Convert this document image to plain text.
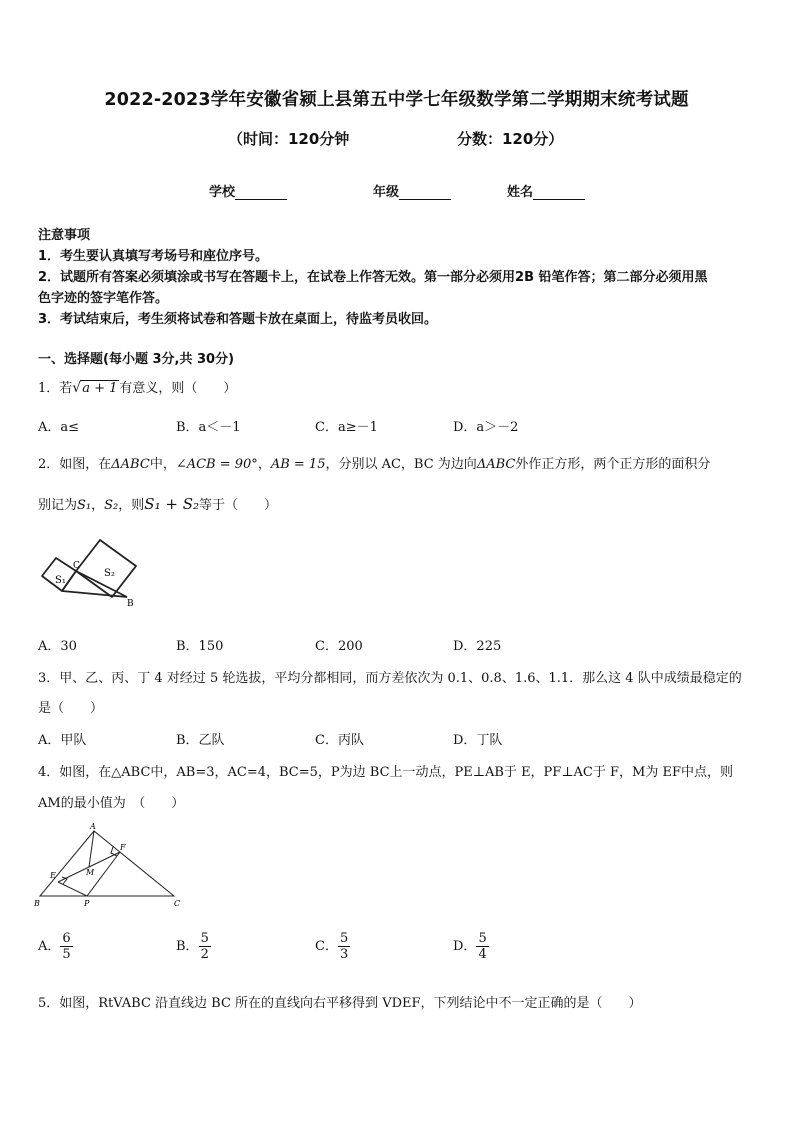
2022-2023学年安徽省颍上县第五中学七年级数学第二学期期末统考试题
（时间：120分钟	分数：120分）
学校	年级	姓名
注意事项
1．考生要认真填写考场号和座位序号。
2．试题所有答案必须填涂或书写在答题卡上，在试卷上作答无效。第一部分必须用2B 铅笔作答；第二部分必须用黑
色字迹的签字笔作答。
3．考试结束后，考生须将试卷和答题卡放在桌面上，待监考员收回。
一、选择题(每小题 3分,共 30分)
1．若√a + 1 有意义，则（　　）
A．a≤	B．a＜－1	C．a≥－1	D．a＞－2
2．如图，在ΔABC中，∠ACB = 90°，AB = 15，分别以 AC，BC 为边向ΔABC外作正方形，两个正方形的面积分
别记为S₁，S₂，则S₁ + S₂等于（　　）
S₁
S₂
C
B
A．30	B．150	C．200	D．225
3．甲、乙、丙、丁 4 对经过 5 轮选拔，平均分都相同，而方差依次为 0.1、0.8、1.6、1.1．那么这 4 队中成绩最稳定的
是（　　）
A．甲队	B．乙队	C．丙队	D．丁队
4．如图，在△ABC中，AB=3，AC=4，BC=5，P为边 BC上一动点，PE⊥AB于 E，PF⊥AC于 F，M为 EF中点，则
AM的最小值为　（　　）
A
B	C
E
F
M
P
A． $\frac{6}{5}$	B． $\frac{5}{2}$	C． $\frac{5}{3}$	D． $\frac{5}{4}$
5．如图，RtVABC 沿直线边 BC 所在的直线向右平移得到 VDEF，下列结论中不一定正确的是（　　）
